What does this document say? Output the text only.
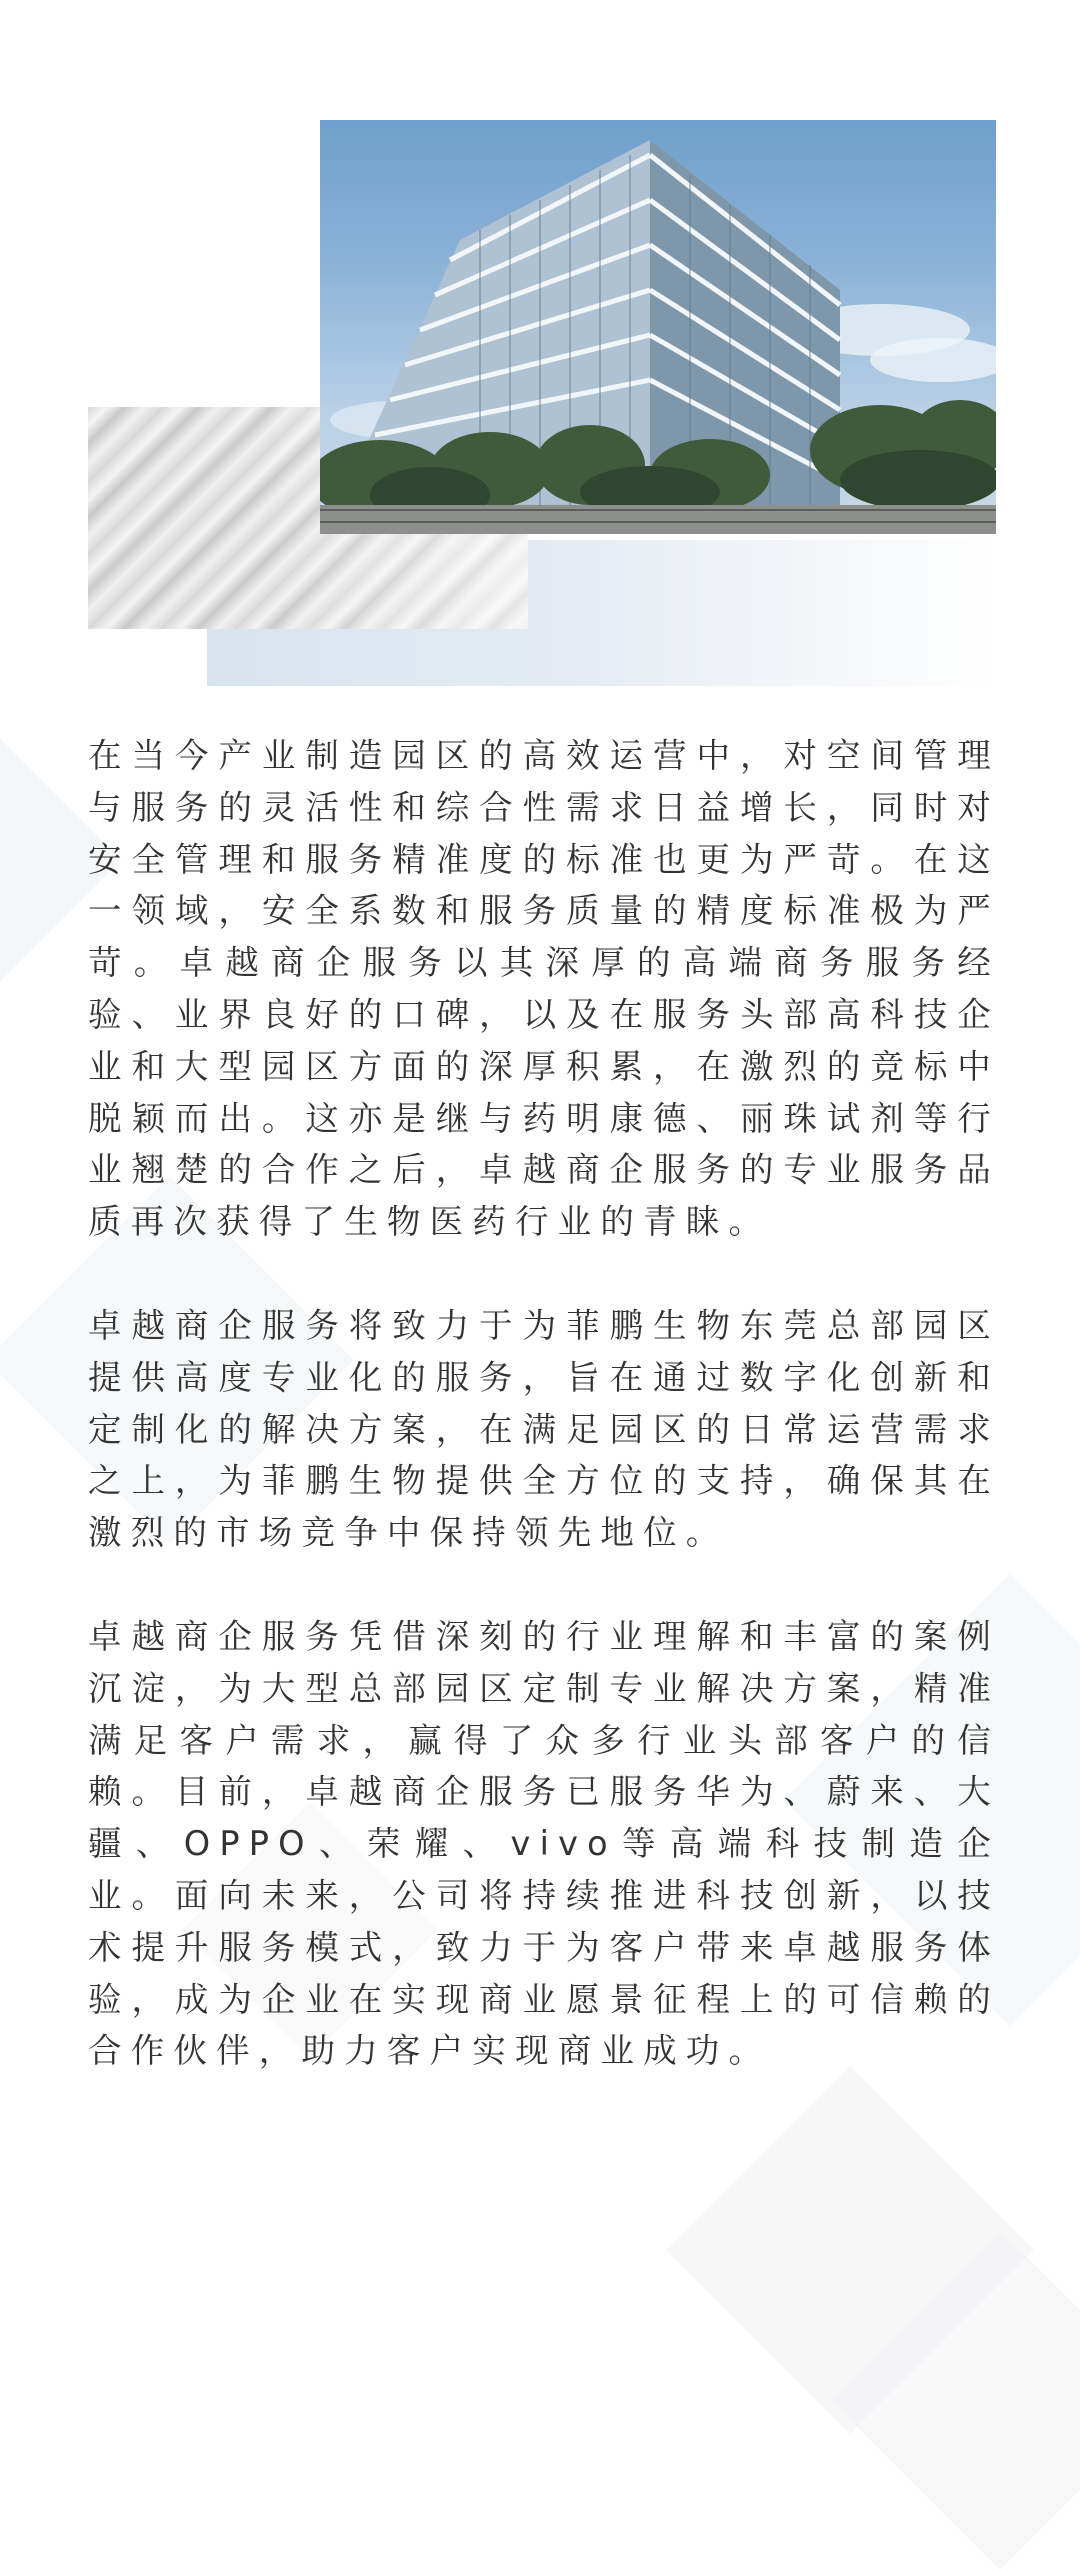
在当今产业制造园区的高效运营中，对空间管理与服务的灵活性和综合性需求日益增长，同时对安全管理和服务精准度的标准也更为严苛。在这一领域，安全系数和服务质量的精度标准极为严苛。卓越商企服务以其深厚的高端商务服务经验、业界良好的口碑，以及在服务头部高科技企业和大型园区方面的深厚积累，在激烈的竞标中脱颖而出。这亦是继与药明康德、丽珠试剂等行业翘楚的合作之后，卓越商企服务的专业服务品质再次获得了生物医药行业的青睐。

卓越商企服务将致力于为菲鹏生物东莞总部园区提供高度专业化的服务，旨在通过数字化创新和定制化的解决方案，在满足园区的日常运营需求之上，为菲鹏生物提供全方位的支持，确保其在激烈的市场竞争中保持领先地位。

卓越商企服务凭借深刻的行业理解和丰富的案例沉淀，为大型总部园区定制专业解决方案，精准满足客户需求，赢得了众多行业头部客户的信赖。目前，卓越商企服务已服务华为、蔚来、大疆、OPPO、荣耀、vivo等高端科技制造企业。面向未来，公司将持续推进科技创新，以技术提升服务模式，致力于为客户带来卓越服务体验，成为企业在实现商业愿景征程上的可信赖的合作伙伴，助力客户实现商业成功。
